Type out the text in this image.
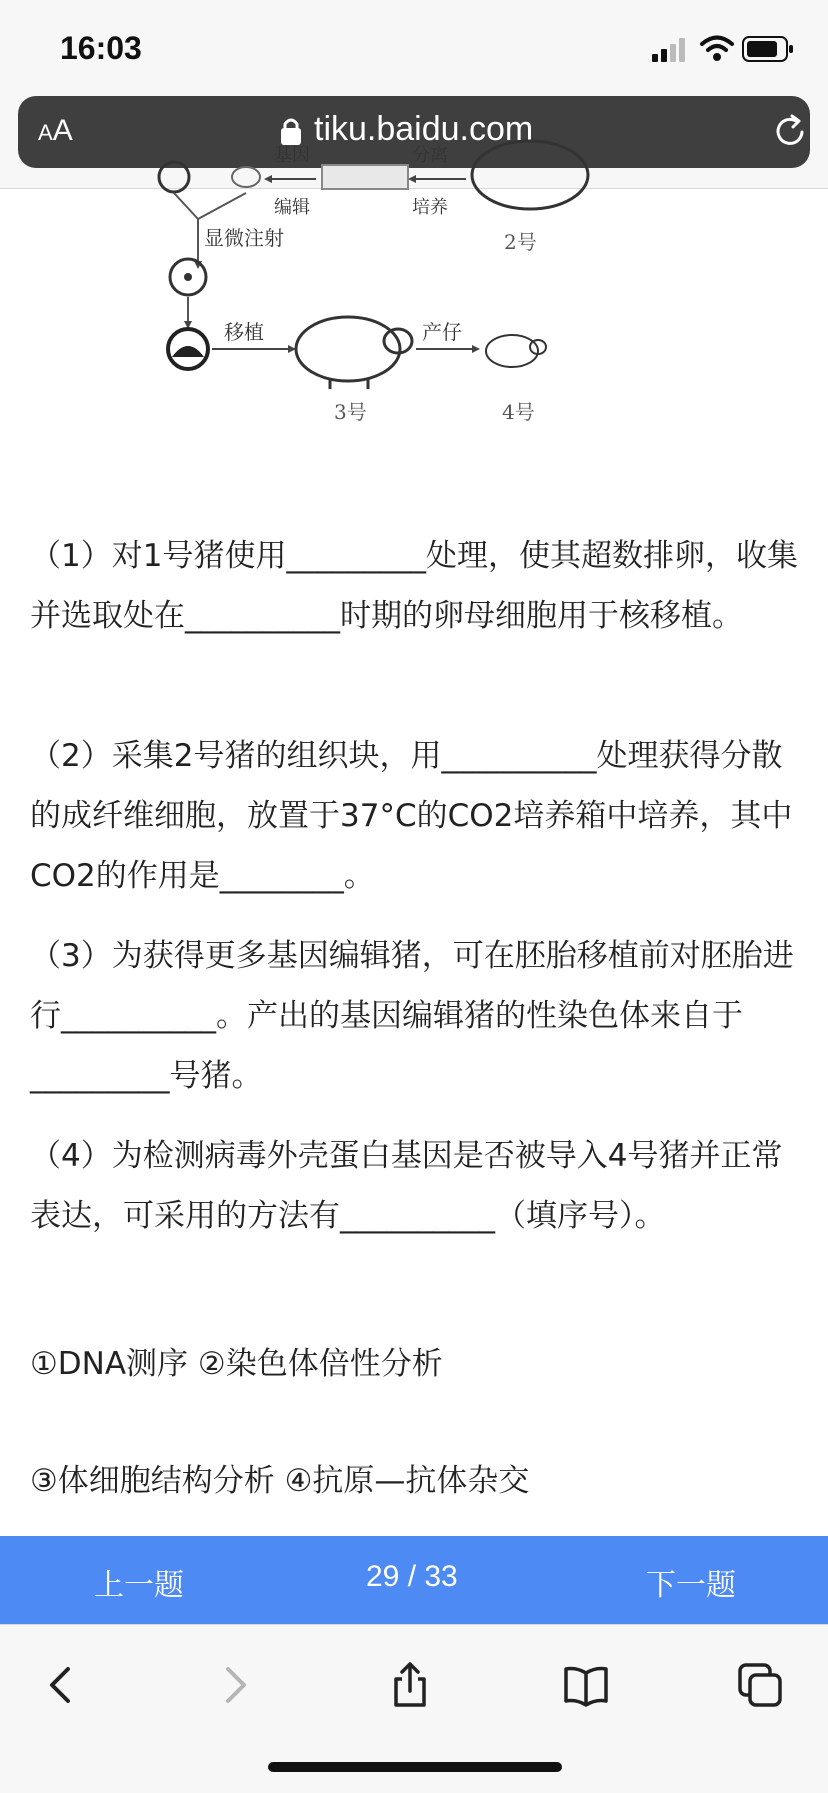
16:03
AA	tiku.baidu.com
基因
编辑
分离
培养
2号
显微注射
移植
3号
产仔
4号

（1）对1号猪使用_________处理，使其超数排卵，收集并选取处在__________时期的卵母细胞用于核移植。

（2）采集2号猪的组织块，用__________处理获得分散的成纤维细胞，放置于37°C的CO2培养箱中培养，其中CO2的作用是________。

（3）为获得更多基因编辑猪，可在胚胎移植前对胚胎进行__________。产出的基因编辑猪的性染色体来自于_________号猪。

（4）为检测病毒外壳蛋白基因是否被导入4号猪并正常表达，可采用的方法有__________（填序号）。

①DNA测序 ②染色体倍性分析

③体细胞结构分析 ④抗原—抗体杂交

上一题	29 / 33	下一题
